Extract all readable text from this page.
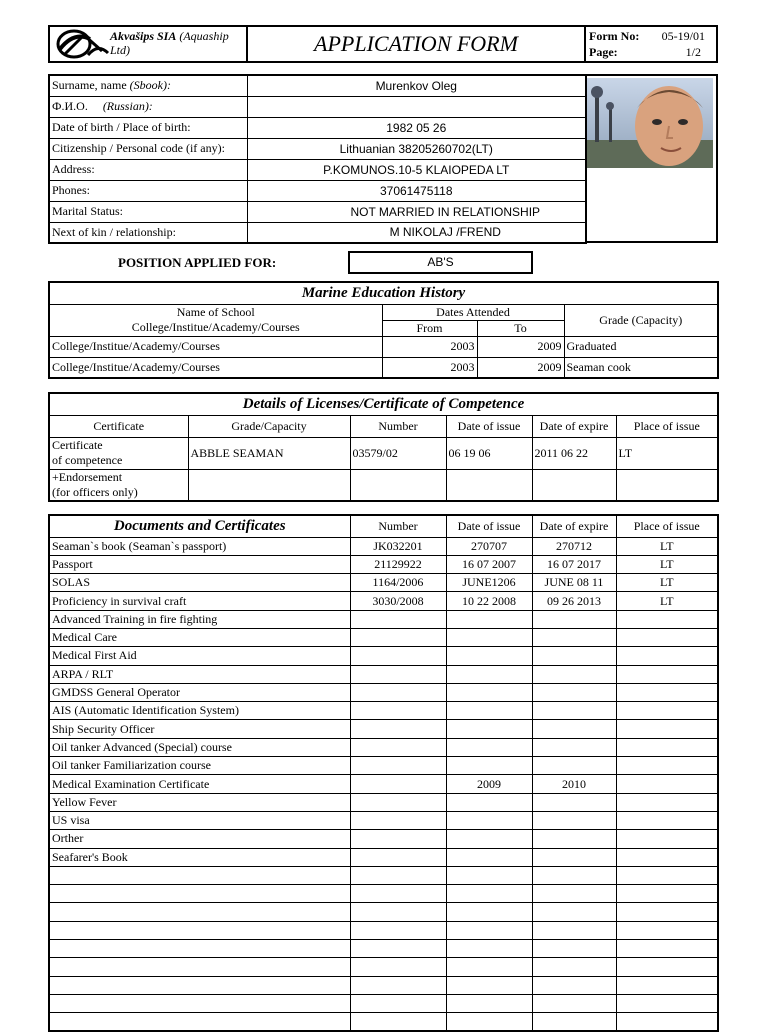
Akvašips SIA (Aquaship
Ltd)	APPLICATION FORM	Form No: 05-19/01
Page:	1/2
Surname, name (Sbook):	Murenkov Oleg
Ф.И.О. (Russian):	
Date of birth / Place of birth:	1982 05 26
Citizenship / Personal code (if any):	Lithuanian 38205260702(LT)
Address:	P.KOMUNOS.10-5 KLAIOPEDA LT
Phones:	37061475118
Marital Status:	NOT MARRIED IN RELATIONSHIP
Next of kin / relationship:	M NIKOLAJ /FREND
POSITION APPLIED FOR:	AB'S
Marine Education History			
Name of School	Dates Attended		Grade (Capacity)
College/Institue/Academy/Courses	From	To	
College/Institue/Academy/Courses	2003	2009	Graduated
College/Institue/Academy/Courses	2003	2009	Seaman cook
Details of Licenses/Certificate of Competence					
Certificate	Grade/Capacity	Number	Date of issue	Date of expire	Place of issue

Certificate
of competence	ABBLE SEAMAN	03579/02	06 19 06	2011 06 22	LT

+Endorsement
(for officers only)					

Documents and Certificates	Number	Date of issue	Date of expire	Place of issue
Seaman`s book (Seaman`s passport)	JK032201	270707	270712	LT
Passport	21129922	16 07 2007	16 07 2017	LT
SOLAS	1164/2006	JUNE1206	JUNE 08 11	LT
Proficiency in survival craft	3030/2008	10 22 2008	09 26 2013	LT
Advanced Training in fire fighting				
Medical Care				
Medical First Aid				
ARPA / RLT				
GMDSS General Operator				
AIS (Automatic Identification System)				
Ship Security Officer				
Oil tanker Advanced (Special) course				
Oil tanker Familiarization course				
Medical Examination Certificate		2009	2010	
Yellow Fever				
US visa				
Orther				
Seafarer's Book				
